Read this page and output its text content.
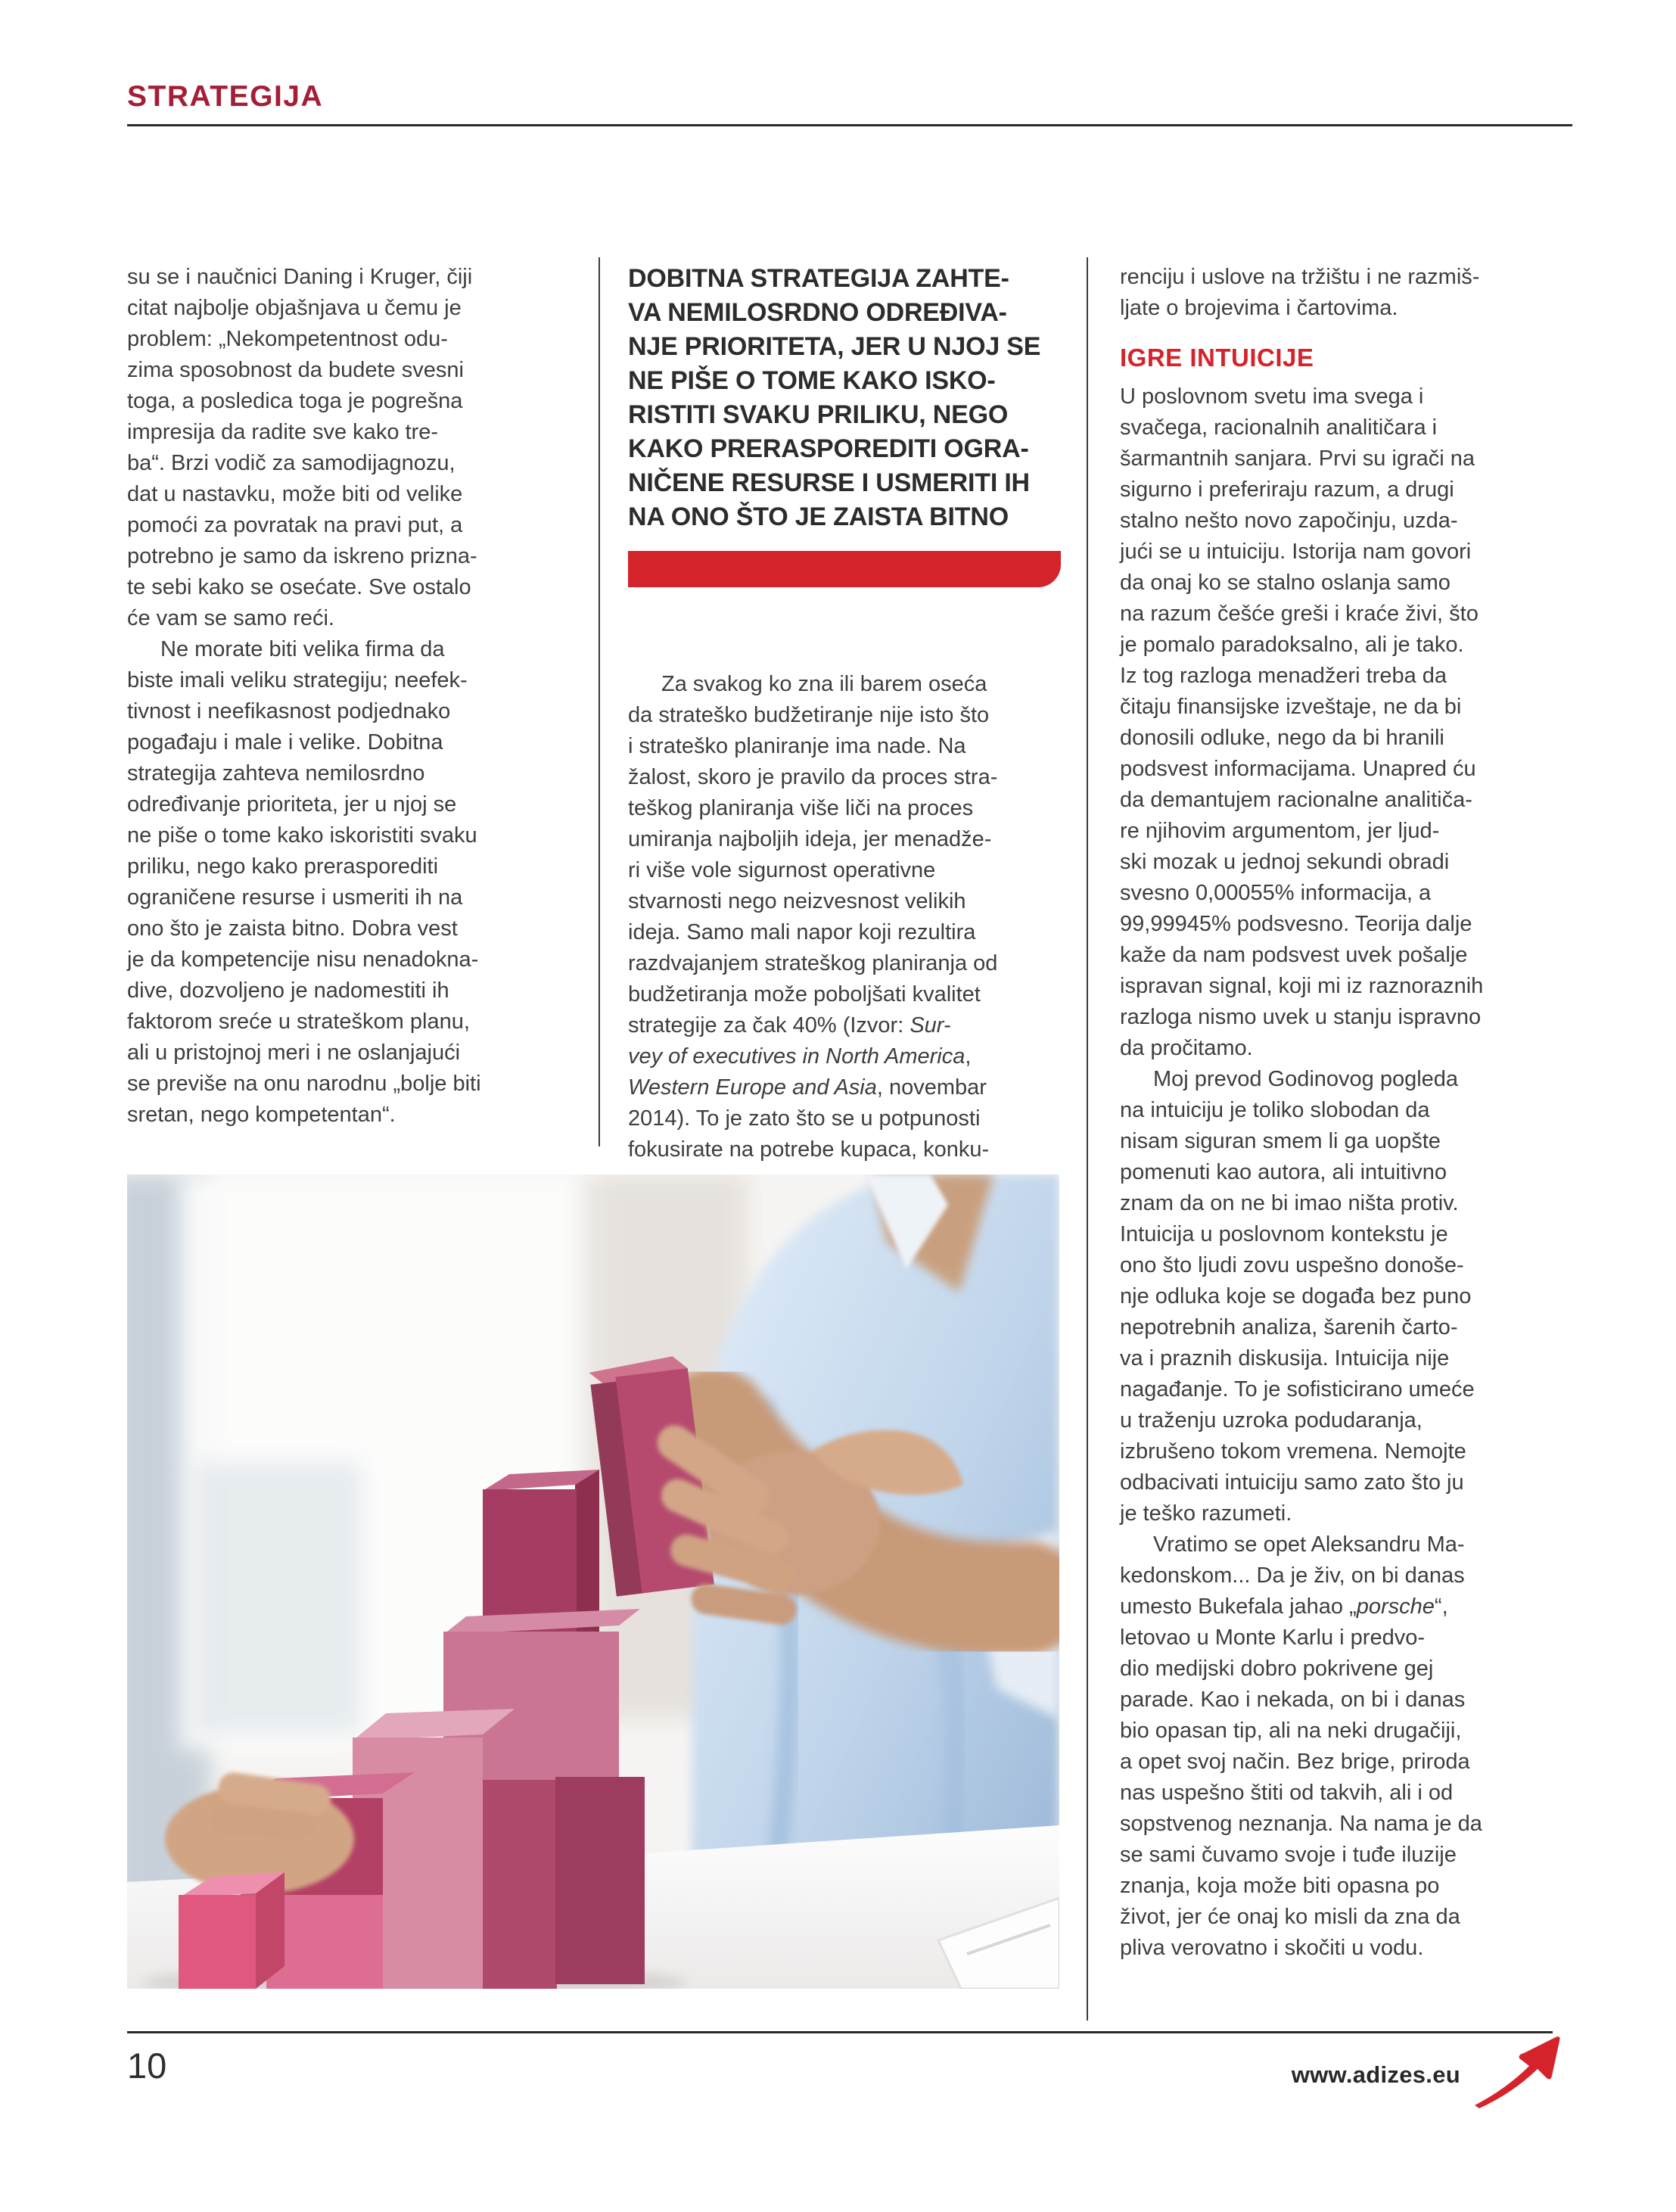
STRATEGIJA
DOBITNA STRATEGIJA ZAHTE-
VA NEMILOSRDNO ODREĐIVA-
NJE PRIORITETA, JER U NJOJ SE
NE PIŠE O TOME KAKO ISKO-
RISTITI SVAKU PRILIKU, NEGO
KAKO PRERASPOREDITI OGRA-
NIČENE RESURSE I USMERITI IH
NA ONO ŠTO JE ZAISTA BITNO
su se i naučnici Daning i Kruger, čiji
citat najbolje objašnjava u čemu je
problem: „Nekompetentnost odu-
zima sposobnost da budete svesni
toga, a posledica toga je pogrešna
impresija da radite sve kako tre-
ba“. Brzi vodič za samodijagnozu,
dat u nastavku, može biti od velike
pomoći za povratak na pravi put, a
potrebno je samo da iskreno prizna-
te sebi kako se osećate. Sve ostalo
će vam se samo reći.
Ne morate biti velika firma da
biste imali veliku strategiju; neefek-
tivnost i neefikasnost podjednako
pogađaju i male i velike. Dobitna
strategija zahteva nemilosrdno
određivanje prioriteta, jer u njoj se
ne piše o tome kako iskoristiti svaku
priliku, nego kako prerasporediti
ograničene resurse i usmeriti ih na
ono što je zaista bitno. Dobra vest
je da kompetencije nisu nenadokna-
dive, dozvoljeno je nadomestiti ih
faktorom sreće u strateškom planu,
ali u pristojnoj meri i ne oslanjajući
se previše na onu narodnu „bolje biti
sretan, nego kompetentan“.
Za svakog ko zna ili barem oseća
da strateško budžetiranje nije isto što
i strateško planiranje ima nade. Na
žalost, skoro je pravilo da proces stra-
teškog planiranja više liči na proces
umiranja najboljih ideja, jer menadže-
ri više vole sigurnost operativne
stvarnosti nego neizvesnost velikih
ideja. Samo mali napor koji rezultira
razdvajanjem strateškog planiranja od
budžetiranja može poboljšati kvalitet
strategije za čak 40% (Izvor: Sur-
vey of executives in North America,
Western Europe and Asia, novembar
2014). To je zato što se u potpunosti
fokusirate na potrebe kupaca, konku-
renciju i uslove na tržištu i ne razmiš-
ljate o brojevima i čartovima.
IGRE INTUICIJE
U poslovnom svetu ima svega i
svačega, racionalnih analitičara i
šarmantnih sanjara. Prvi su igrači na
sigurno i preferiraju razum, a drugi
stalno nešto novo započinju, uzda-
jući se u intuiciju. Istorija nam govori
da onaj ko se stalno oslanja samo
na razum češće greši i kraće živi, što
je pomalo paradoksalno, ali je tako.
Iz tog razloga menadžeri treba da
čitaju finansijske izveštaje, ne da bi
donosili odluke, nego da bi hranili
podsvest informacijama. Unapred ću
da demantujem racionalne analitiča-
re njihovim argumentom, jer ljud-
ski mozak u jednoj sekundi obradi
svesno 0,00055% informacija, a
99,99945% podsvesno. Teorija dalje
kaže da nam podsvest uvek pošalje
ispravan signal, koji mi iz raznoraznih
razloga nismo uvek u stanju ispravno
da pročitamo.
Moj prevod Godinovog pogleda
na intuiciju je toliko slobodan da
nisam siguran smem li ga uopšte
pomenuti kao autora, ali intuitivno
znam da on ne bi imao ništa protiv.
Intuicija u poslovnom kontekstu je
ono što ljudi zovu uspešno donoše-
nje odluka koje se događa bez puno
nepotrebnih analiza, šarenih čarto-
va i praznih diskusija. Intuicija nije
nagađanje. To je sofisticirano umeće
u traženju uzroka podudaranja,
izbrušeno tokom vremena. Nemojte
odbacivati intuiciju samo zato što ju
je teško razumeti.
Vratimo se opet Aleksandru Ma-
kedonskom... Da je živ, on bi danas
umesto Bukefala jahao „porsche“,
letovao u Monte Karlu i predvo-
dio medijski dobro pokrivene gej
parade. Kao i nekada, on bi i danas
bio opasan tip, ali na neki drugačiji,
a opet svoj način. Bez brige, priroda
nas uspešno štiti od takvih, ali i od
sopstvenog neznanja. Na nama je da
se sami čuvamo svoje i tuđe iluzije
znanja, koja može biti opasna po
život, jer će onaj ko misli da zna da
pliva verovatno i skočiti u vodu.
10	www.adizes.eu
